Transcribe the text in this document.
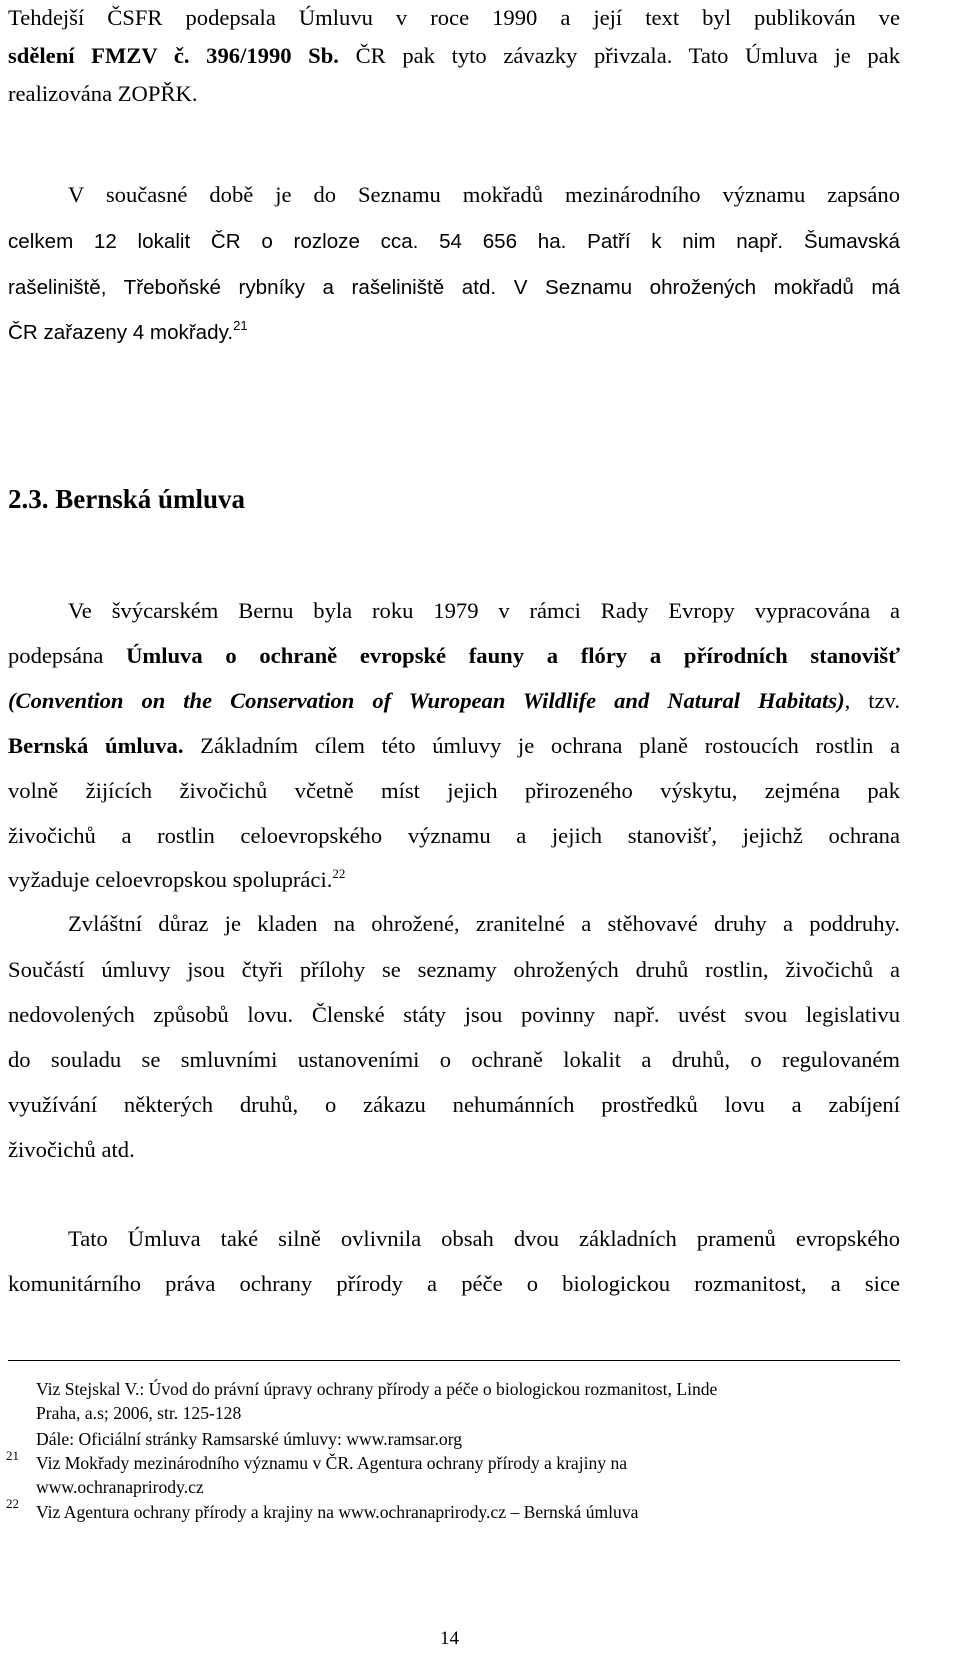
Tehdejší ČSFR podepsala Úmluvu v roce 1990 a její text byl publikován ve
sdělení FMZV č. 396/1990 Sb. ČR pak tyto závazky přivzala. Tato Úmluva je pak
realizována ZOPŘK.
V současné době je do Seznamu mokřadů mezinárodního významu zapsáno
celkem 12 lokalit ČR o rozloze cca. 54 656 ha. Patří k nim např. Šumavská
rašeliniště, Třeboňské rybníky a rašeliniště atd. V Seznamu ohrožených mokřadů má
ČR zařazeny 4 mokřady.$^{21}$
2.3. Bernská úmluva
Ve švýcarském Bernu byla roku 1979 v rámci Rady Evropy vypracována a
podepsána Úmluva o ochraně evropské fauny a flóry a přírodních stanovišť
(Convention on the Conservation of Wuropean Wildlife and Natural Habitats), tzv.
Bernská úmluva. Základním cílem této úmluvy je ochrana planě rostoucích rostlin a
volně žijících živočichů včetně míst jejich přirozeného výskytu, zejména pak
živočichů a rostlin celoevropského významu a jejich stanovišť, jejichž ochrana
vyžaduje celoevropskou spolupráci.$^{22}$
Zvláštní důraz je kladen na ohrožené, zranitelné a stěhovavé druhy a poddruhy.
Součástí úmluvy jsou čtyři přílohy se seznamy ohrožených druhů rostlin, živočichů a
nedovolených způsobů lovu. Členské státy jsou povinny např. uvést svou legislativu
do souladu se smluvními ustanoveními o ochraně lokalit a druhů, o regulovaném
využívání některých druhů, o zákazu nehumánních prostředků lovu a zabíjení
živočichů atd.
Tato Úmluva také silně ovlivnila obsah dvou základních pramenů evropského
komunitárního práva ochrany přírody a péče o biologickou rozmanitost, a sice
Viz Stejskal V.: Úvod do právní úpravy ochrany přírody a péče o biologickou rozmanitost, Linde
Praha, a.s; 2006, str. 125-128
Dále: Oficiální stránky Ramsarské úmluvy: www.ramsar.org
21 Viz Mokřady mezinárodního významu v ČR. Agentura ochrany přírody a krajiny na
www.ochranaprirody.cz
22 Viz Agentura ochrany přírody a krajiny na www.ochranaprirody.cz – Bernská úmluva
14
